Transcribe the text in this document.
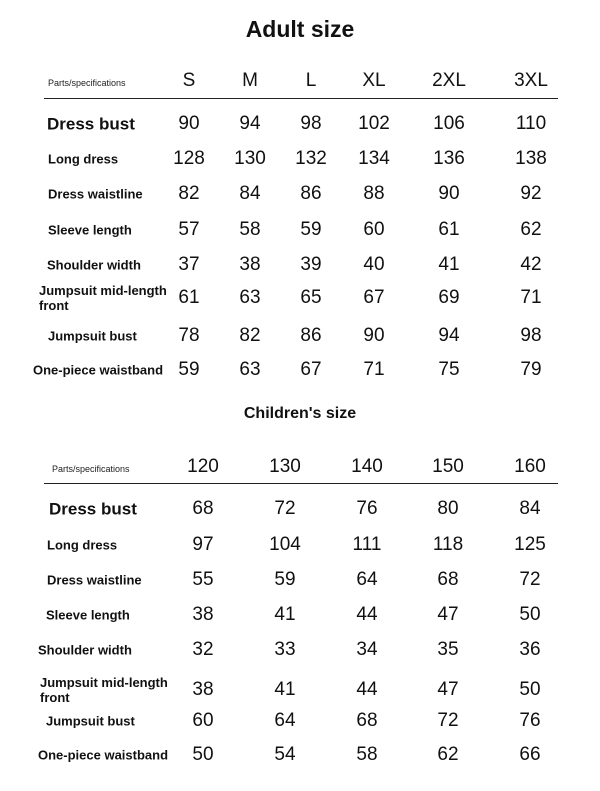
Adult size
Children's size
Parts/specifications	S	M	L	XL	2XL	3XL
Dress bust	90	94	98	102	106	110
Long dress	128	130	132	134	136	138
Dress waistline	82	84	86	88	90	92
Sleeve length	57	58	59	60	61	62
Shoulder width	37	38	39	40	41	42
Jumpsuit mid-length front	61	63	65	67	69	71
Jumpsuit bust	78	82	86	90	94	98
One-piece waistband 59	63	67	71	75	79
Parts/specifications	120	130	140	150	160
Dress bust	68	72	76	80	84
Long dress	97	104	111	118	125
Dress waistline	55	59	64	68	72
Sleeve length	38	41	44	47	50
Shoulder width	32	33	34	35	36
Jumpsuit mid-length front	38	41	44	47	50
Jumpsuit bust	60	64	68	72	76
One-piece waistband	50	54	58	62	66
